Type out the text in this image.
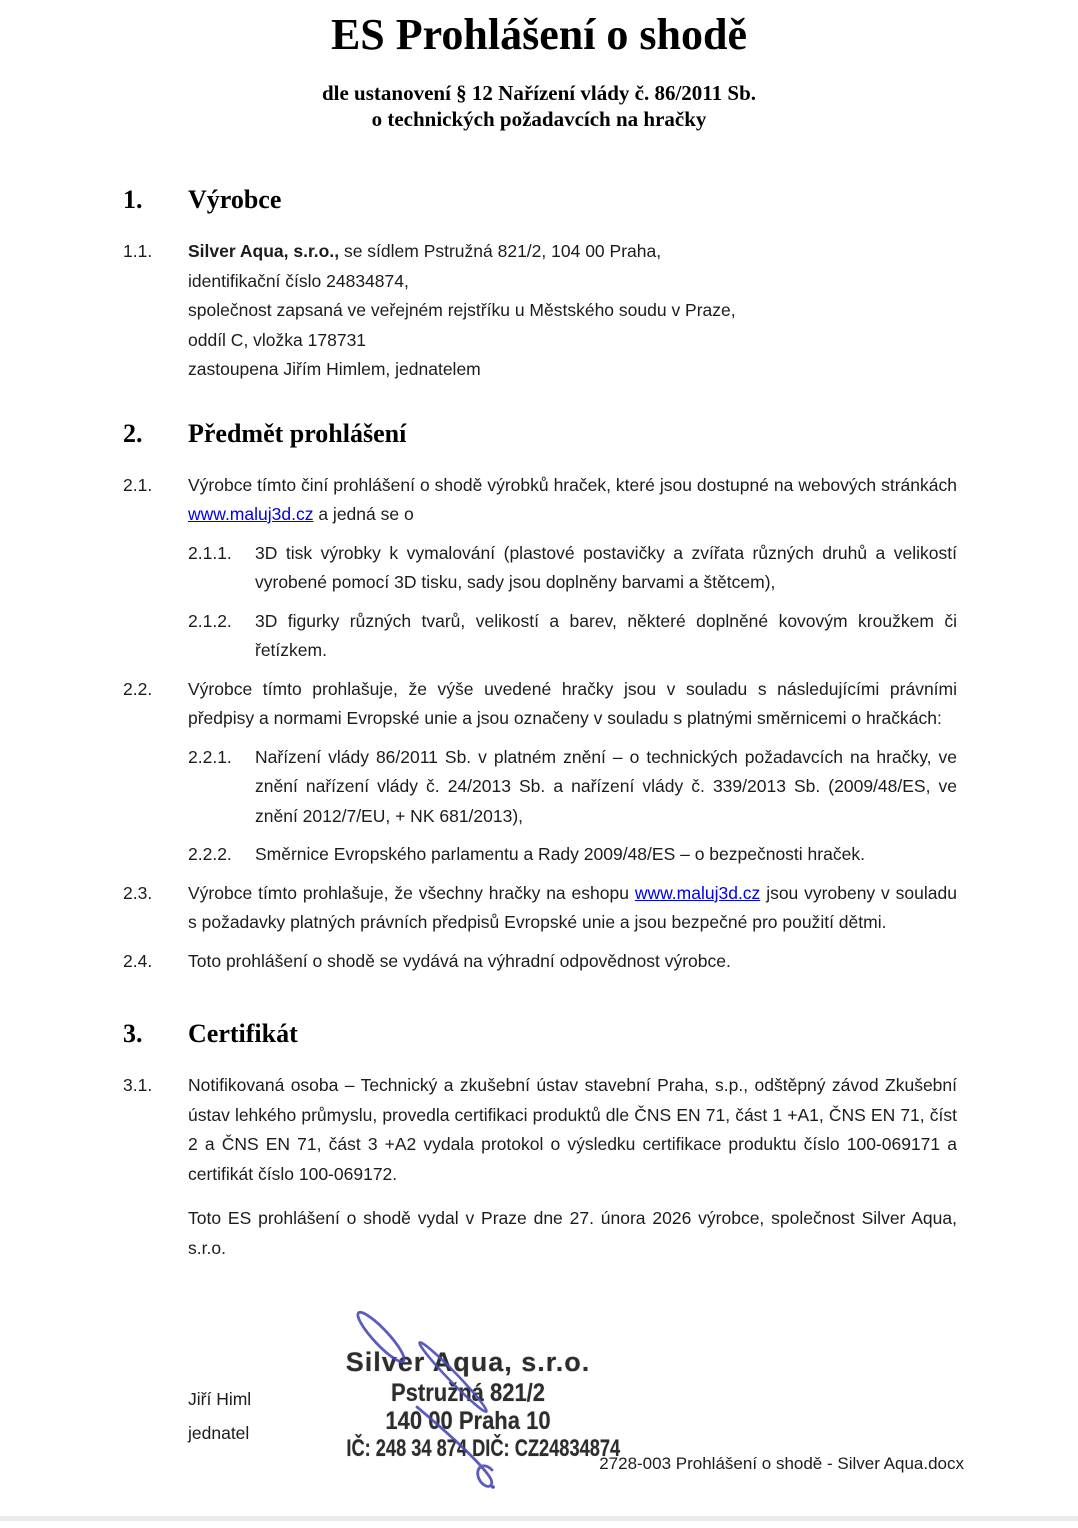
ES Prohlášení o shodě
dle ustanovení § 12 Nařízení vlády č. 86/2011 Sb.
o technických požadavcích na hračky
1.	Výrobce
1.1.	Silver Aqua, s.r.o., se sídlem Pstružná 821/2, 104 00 Praha,
identifikační číslo 24834874,
společnost zapsaná ve veřejném rejstříku u Městského soudu v Praze,
oddíl C, vložka 178731
zastoupena Jiřím Himlem, jednatelem
2.	Předmět prohlášení
2.1.	Výrobce tímto činí prohlášení o shodě výrobků hraček, které jsou dostupné na webových stránkách www.maluj3d.cz a jedná se o
2.1.1.	3D tisk výrobky k vymalování (plastové postavičky a zvířata různých druhů a velikostí vyrobené pomocí 3D tisku, sady jsou doplněny barvami a štětcem),
2.1.2.	3D figurky různých tvarů, velikostí a barev, některé doplněné kovovým kroužkem či řetízkem.
2.2.	Výrobce tímto prohlašuje, že výše uvedené hračky jsou v souladu s následujícími právními předpisy a normami Evropské unie a jsou označeny v souladu s platnými směrnicemi o hračkách:
2.2.1.	Nařízení vlády 86/2011 Sb. v platném znění – o technických požadavcích na hračky, ve znění nařízení vlády č. 24/2013 Sb. a nařízení vlády č. 339/2013 Sb. (2009/48/ES, ve znění 2012/7/EU, + NK 681/2013),
2.2.2.	Směrnice Evropského parlamentu a Rady 2009/48/ES – o bezpečnosti hraček.
2.3.	Výrobce tímto prohlašuje, že všechny hračky na eshopu www.maluj3d.cz jsou vyrobeny v souladu s požadavky platných právních předpisů Evropské unie a jsou bezpečné pro použití dětmi.
2.4.	Toto prohlášení o shodě se vydává na výhradní odpovědnost výrobce.
3.	Certifikát
3.1.	Notifikovaná osoba – Technický a zkušební ústav stavební Praha, s.p., odštěpný závod Zkušební ústav lehkého průmyslu, provedla certifikaci produktů dle ČNS EN 71, část 1 +A1, ČNS EN 71, číst 2 a ČNS EN 71, část 3 +A2 vydala protokol o výsledku certifikace produktu číslo 100-069171 a certifikát číslo 100-069172.
Toto ES prohlášení o shodě vydal v Praze dne 27. února 2026 výrobce, společnost Silver Aqua, s.r.o.
Jiří Himl
jednatel
Silver Aqua, s.r.o.
Pstružná 821/2
140 00 Praha 10
IČ: 248 34 874 DIČ: CZ24834874
2728-003 Prohlášení o shodě - Silver Aqua.docx
